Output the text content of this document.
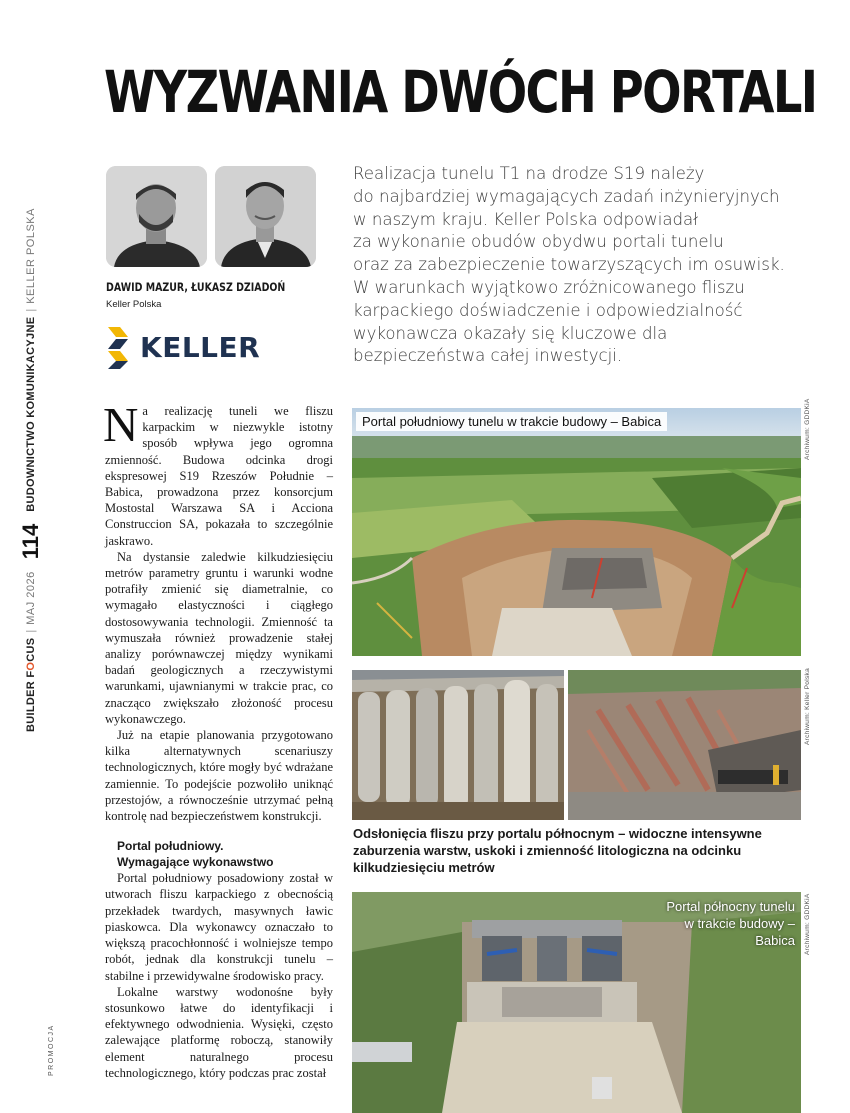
WYZWANIA DWÓCH PORTALI
BUILDER FOCUS
|
MAJ 2026
114
BUDOWNICTWO KOMUNIKACYJNE
|
KELLER POLSKA
PROMOCJA
DAWID MAZUR, ŁUKASZ DZIADOŃ
Keller Polska
KELLER
Realizacja tunelu T1 na drodze S19 należy
do najbardziej wymagających zadań inżynieryjnych
w naszym kraju. Keller Polska odpowiadał
za wykonanie obudów obydwu portali tunelu
oraz za zabezpieczenie towarzyszących im osuwisk.
W warunkach wyjątkowo zróżnicowanego fliszu
karpackiego doświadczenie i odpowiedzialność
wykonawcza okazały się kluczowe dla
bezpieczeństwa całej inwestycji.

Na realizację tuneli we fliszu karpackim w niezwykle istotny sposób wpływa jego ogromna zmienność. Budowa odcinka drogi ekspresowej S19 Rzeszów Południe – Babica, prowadzona przez konsorcjum Mostostal Warszawa SA i Acciona Construccion SA, pokazała to szczególnie jaskrawo.

Na dystansie zaledwie kilkudziesięciu metrów parametry gruntu i warunki wodne potrafiły zmienić się diametralnie, co wymagało elastyczności i ciągłego dostosowywania technologii. Zmienność ta wymuszała również prowadzenie stałej analizy porównawczej między wynikami badań geologicznych a rzeczywistymi warunkami, ujawnianymi w trakcie prac, co znacząco zwiększało złożoność procesu wykonawczego.

Już na etapie planowania przygotowano kilka alternatywnych scenariuszy technologicznych, które mogły być wdrażane zamiennie. To podejście pozwoliło uniknąć przestojów, a równocześnie utrzymać pełną kontrolę nad bezpieczeństwem konstrukcji.

Portal południowy.
Wymagające wykonawstwo

Portal południowy posadowiony został w utworach fliszu karpackiego z obecnością przekładek twardych, masywnych ławic piaskowca. Dla wykonawcy oznaczało to większą pracochłonność i wolniejsze tempo robót, jednak dla konstrukcji tunelu – stabilne i przewidywalne środowisko pracy.

Lokalne warstwy wodonośne były stosunkowo łatwe do identyfikacji i efektywnego odwodnienia. Wysięki, często zalewające platformę roboczą, stanowiły element naturalnego procesu technologicznego, który podczas prac został

Portal południowy tunelu w trakcie budowy – Babica	Archiwum: GDDKiA
Archiwum: Keller Polska
Odsłonięcia fliszu przy portalu północnym – widoczne intensywne zaburzenia warstw, uskoki i zmienność litologiczna na odcinku kilkudziesięciu metrów
Portal północny tunelu
w trakcie budowy –
Babica Archiwum: GDDKiA
